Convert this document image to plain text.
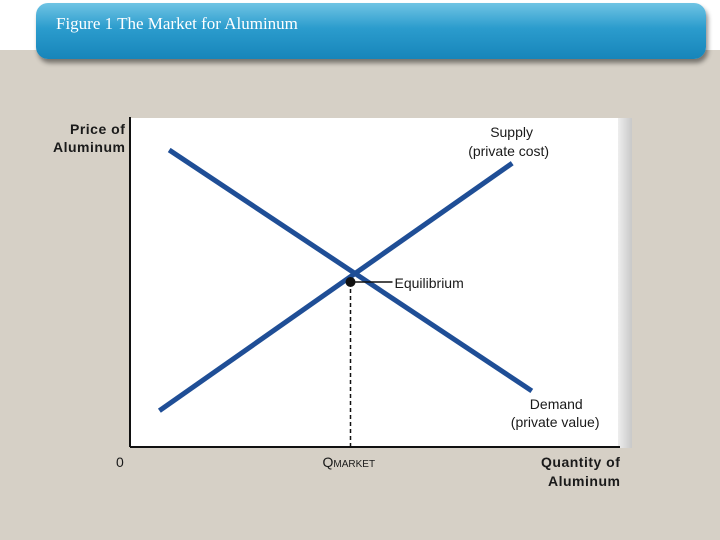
Figure 1 The Market for Aluminum
Price of
Aluminum
Quantity of
Aluminum
0	QMARKET
Supply
(private cost)
Demand
(private value)
Equilibrium
